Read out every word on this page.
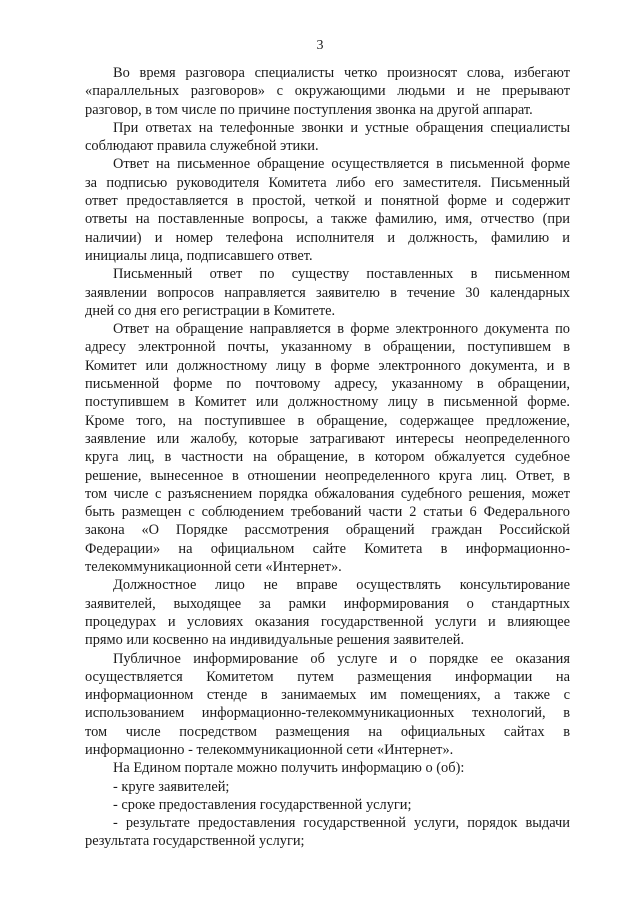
3
Во время разговора специалисты четко произносят слова, избегают
«параллельных разговоров» с окружающими людьми и не прерывают
разговор, в том числе по причине поступления звонка на другой аппарат.
При ответах на телефонные звонки и устные обращения специалисты
соблюдают правила служебной этики.
Ответ на письменное обращение осуществляется в письменной форме
за подписью руководителя Комитета либо его заместителя. Письменный
ответ предоставляется в простой, четкой и понятной форме и содержит
ответы на поставленные вопросы, а также фамилию, имя, отчество (при
наличии) и номер телефона исполнителя и должность, фамилию и
инициалы лица, подписавшего ответ.
Письменный ответ по существу поставленных в письменном
заявлении вопросов направляется заявителю в течение 30 календарных
дней со дня его регистрации в Комитете.
Ответ на обращение направляется в форме электронного документа по
адресу электронной почты, указанному в обращении, поступившем в
Комитет или должностному лицу в форме электронного документа, и в
письменной форме по почтовому адресу, указанному в обращении,
поступившем в Комитет или должностному лицу в письменной форме.
Кроме того, на поступившее в обращение, содержащее предложение,
заявление или жалобу, которые затрагивают интересы неопределенного
круга лиц, в частности на обращение, в котором обжалуется судебное
решение, вынесенное в отношении неопределенного круга лиц. Ответ, в
том числе с разъяснением порядка обжалования судебного решения, может
быть размещен с соблюдением требований части 2 статьи 6 Федерального
закона «О Порядке рассмотрения обращений граждан Российской
Федерации» на официальном сайте Комитета в информационно-
телекоммуникационной сети «Интернет».
Должностное лицо не вправе осуществлять консультирование
заявителей, выходящее за рамки информирования о стандартных
процедурах и условиях оказания государственной услуги и влияющее
прямо или косвенно на индивидуальные решения заявителей.
Публичное информирование об услуге и о порядке ее оказания
осуществляется Комитетом путем размещения информации на
информационном стенде в занимаемых им помещениях, а также с
использованием информационно-телекоммуникационных технологий, в
том числе посредством размещения на официальных сайтах в
информационно - телекоммуникационной сети «Интернет».
На Едином портале можно получить информацию о (об):
- круге заявителей;
- сроке предоставления государственной услуги;
- результате предоставления государственной услуги, порядок выдачи
результата государственной услуги;
